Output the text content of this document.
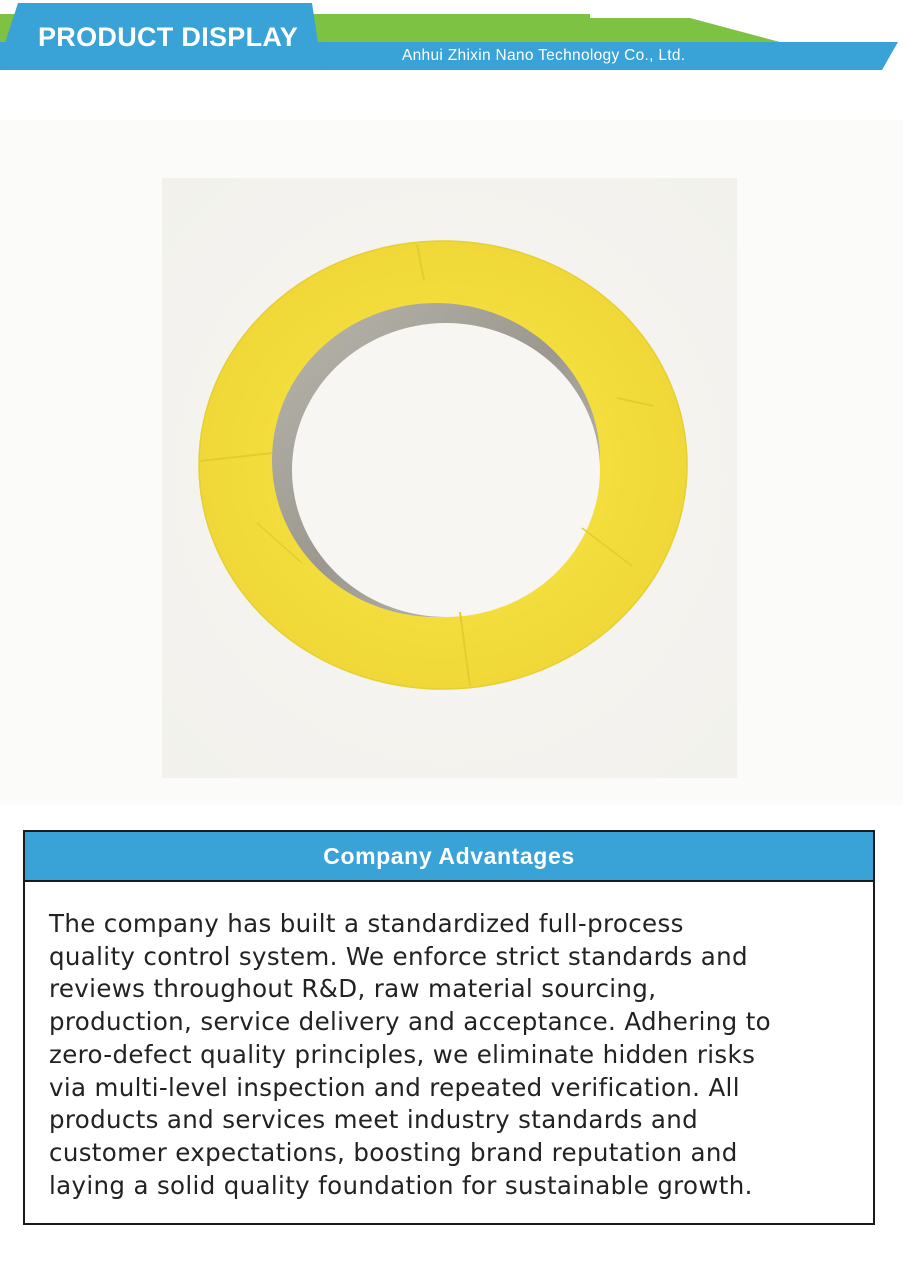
PRODUCT DISPLAY
Anhui Zhixin Nano Technology Co., Ltd.
Company Advantages

The company has built a standardized full-process
quality control system. We enforce strict standards and
reviews throughout R&D, raw material sourcing,
production, service delivery and acceptance. Adhering to
zero-defect quality principles, we eliminate hidden risks
via multi-level inspection and repeated verification. All
products and services meet industry standards and
customer expectations, boosting brand reputation and
laying a solid quality foundation for sustainable growth.
